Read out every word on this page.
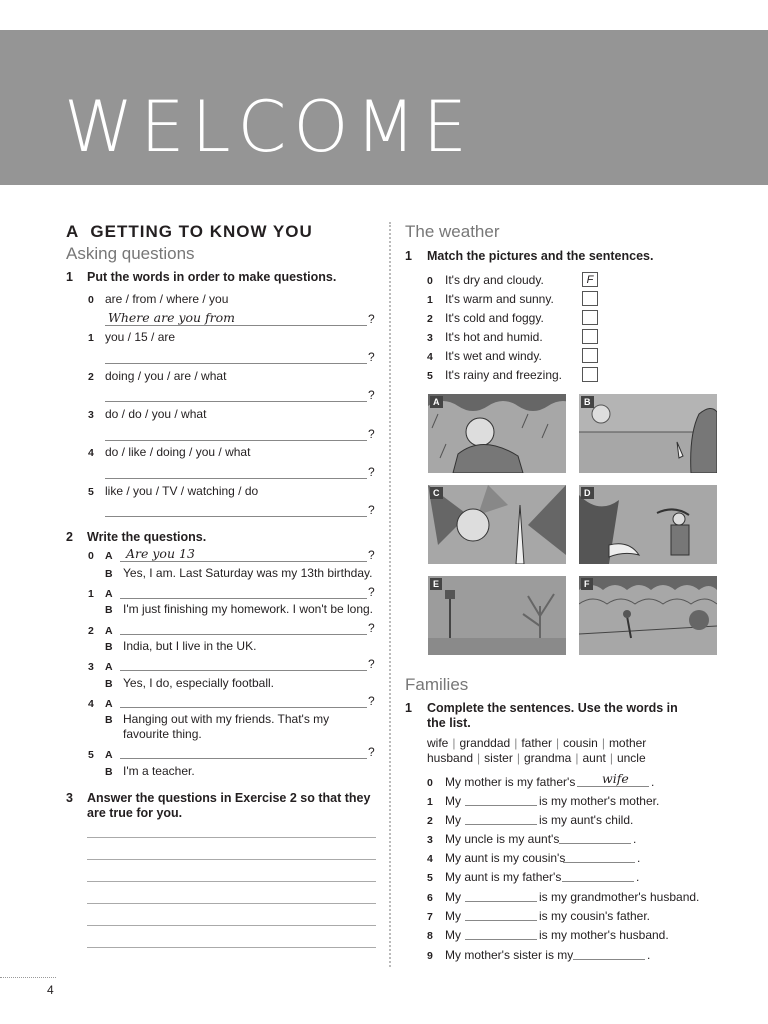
WELCOME
A GETTING TO KNOW YOU
Asking questions
1 Put the words in order to make questions.
0 are / from / where / you
Where are you from	?
1 you / 15 / are
?
2 doing / you / are / what
?
3 do / do / you / what
?
4 do / like / doing / you / what
?
5 like / you / TV / watching / do
?
2 Write the questions.
0 A Are you 13	?
B Yes, I am. Last Saturday was my 13th birthday.
1 A	?
B I'm just finishing my homework. I won't be long.
2 A	?
B India, but I live in the UK.
3 A	?
B Yes, I do, especially football.
4 A	?
B Hanging out with my friends. That's my
favourite thing.
5 A	?
B I'm a teacher.
3 Answer the questions in Exercise 2 so that they
are true for you.
The weather
1 Match the pictures and the sentences.
0 It's dry and cloudy.	F
1 It's warm and sunny.
2 It's cold and foggy.
3 It's hot and humid.
4 It's wet and windy.
5 It's rainy and freezing.
A	B
C	D
E	F
Families
1 Complete the sentences. Use the words in
the list.
wife | granddad | father | cousin | mother
husband | sister | grandma | aunt | uncle
0 My mother is my father's wife .
1 My	is my mother's mother.
2 My	is my aunt's child.
3 My uncle is my aunt's	.
4 My aunt is my cousin's	.
5 My aunt is my father's	.
6 My	is my grandmother's husband.
7 My	is my cousin's father.
8 My	is my mother's husband.
9 My mother's sister is my	.
4
